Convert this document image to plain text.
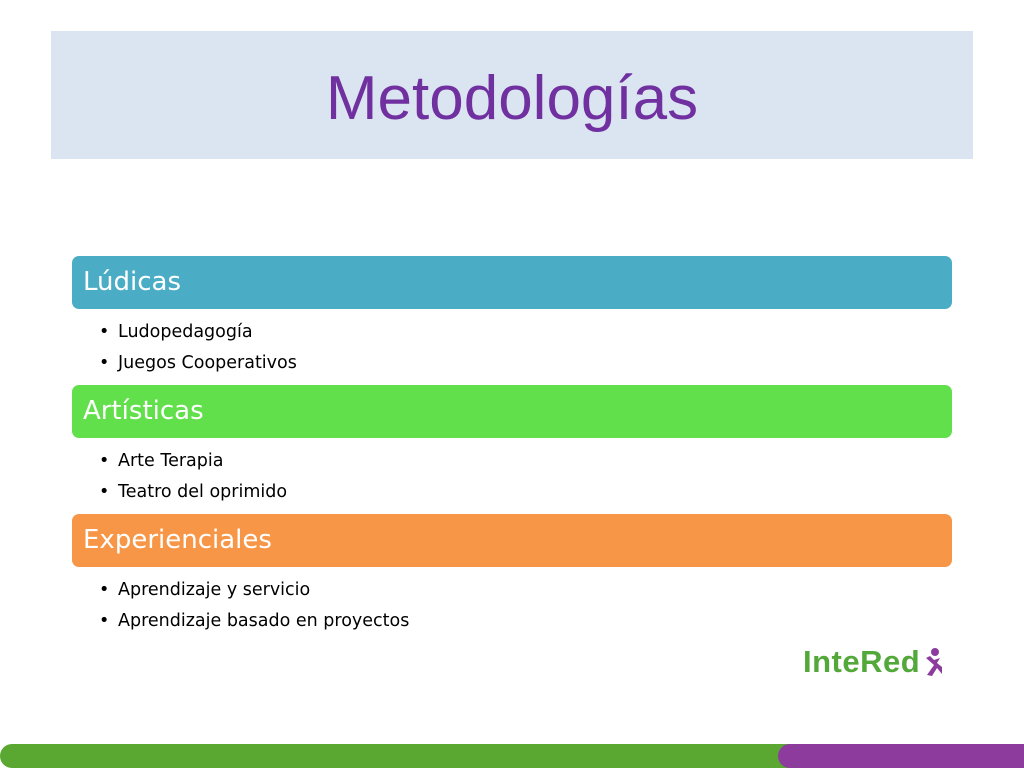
Metodologías
Lúdicas
• Ludopedagogía
• Juegos Cooperativos
Artísticas
• Arte Terapia
• Teatro del oprimido
Experienciales
• Aprendizaje y servicio
• Aprendizaje basado en proyectos
InteRed
